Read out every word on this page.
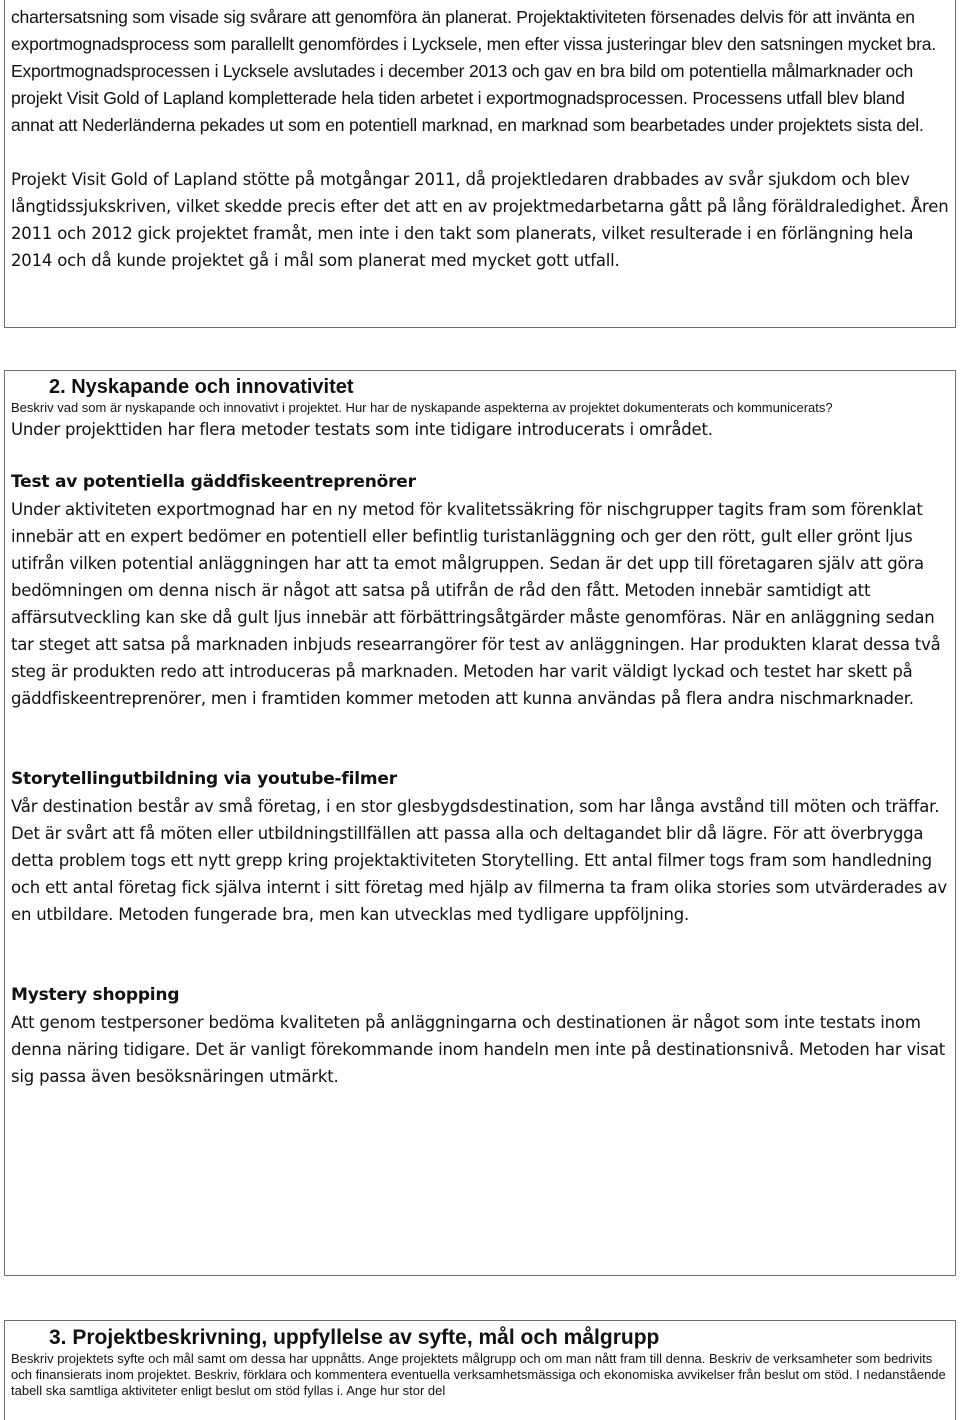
chartersatsning som visade sig svårare att genomföra än planerat. Projektaktiviteten försenades delvis för att invänta en exportmognadsprocess som parallellt genomfördes i Lycksele, men efter vissa justeringar blev den satsningen mycket bra. Exportmognadsprocessen i Lycksele avslutades i december 2013 och gav en bra bild om potentiella målmarknader och projekt Visit Gold of Lapland kompletterade hela tiden arbetet i exportmognadsprocessen. Processens utfall blev bland annat att Nederländerna pekades ut som en potentiell marknad, en marknad som bearbetades under projektets sista del.

Projekt Visit Gold of Lapland stötte på motgångar 2011, då projektledaren drabbades av svår sjukdom och blev långtidssjukskriven, vilket skedde precis efter det att en av projektmedarbetarna gått på lång föräldraledighet. Åren 2011 och 2012 gick projektet framåt, men inte i den takt som planerats, vilket resulterade i en förlängning hela 2014 och då kunde projektet gå i mål som planerat med mycket gott utfall.

2. Nyskapande och innovativitet
Beskriv vad som är nyskapande och innovativt i projektet. Hur har de nyskapande aspekterna av projektet dokumenterats och kommunicerats?

Under projekttiden har flera metoder testats som inte tidigare introducerats i området.

Test av potentiella gäddfiskeentreprenörer

Under aktiviteten exportmognad har en ny metod för kvalitetssäkring för nischgrupper tagits fram som förenklat innebär att en expert bedömer en potentiell eller befintlig turistanläggning och ger den rött, gult eller grönt ljus utifrån vilken potential anläggningen har att ta emot målgruppen. Sedan är det upp till företagaren själv att göra bedömningen om denna nisch är något att satsa på utifrån de råd den fått. Metoden innebär samtidigt att affärsutveckling kan ske då gult ljus innebär att förbättringsåtgärder måste genomföras. När en anläggning sedan tar steget att satsa på marknaden inbjuds researrangörer för test av anläggningen. Har produkten klarat dessa två steg är produkten redo att introduceras på marknaden. Metoden har varit väldigt lyckad och testet har skett på gäddfiskeentreprenörer, men i framtiden kommer metoden att kunna användas på flera andra nischmarknader.

Storytellingutbildning via youtube-filmer

Vår destination består av små företag, i en stor glesbygdsdestination, som har långa avstånd till möten och träffar. Det är svårt att få möten eller utbildningstillfällen att passa alla och deltagandet blir då lägre. För att överbrygga detta problem togs ett nytt grepp kring projektaktiviteten Storytelling. Ett antal filmer togs fram som handledning och ett antal företag fick själva internt i sitt företag med hjälp av filmerna ta fram olika stories som utvärderades av en utbildare. Metoden fungerade bra, men kan utvecklas med tydligare uppföljning.

Mystery shopping

Att genom testpersoner bedöma kvaliteten på anläggningarna och destinationen är något som inte testats inom denna näring tidigare. Det är vanligt förekommande inom handeln men inte på destinationsnivå. Metoden har visat sig passa även besöksnäringen utmärkt.

3. Projektbeskrivning, uppfyllelse av syfte, mål och målgrupp
Beskriv projektets syfte och mål samt om dessa har uppnåtts. Ange projektets målgrupp och om man nått fram till denna. Beskriv de verksamheter som bedrivits och finansierats inom projektet. Beskriv, förklara och kommentera eventuella verksamhetsmässiga och ekonomiska avvikelser från beslut om stöd. I nedanstående tabell ska samtliga aktiviteter enligt beslut om stöd fyllas i. Ange hur stor del
